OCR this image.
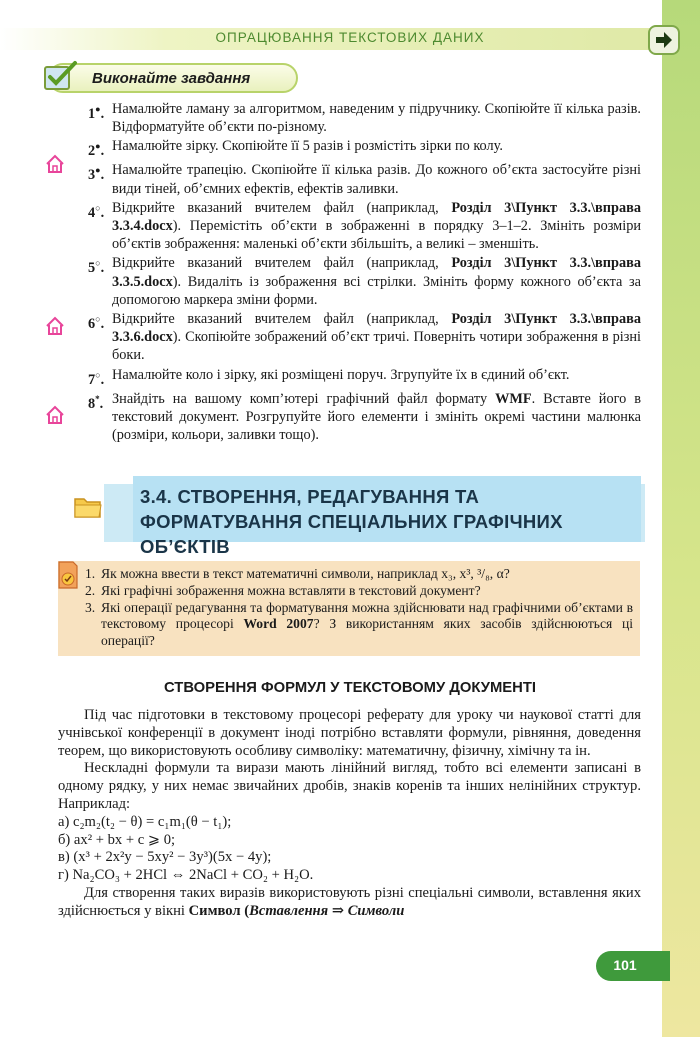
ОПРАЦЮВАННЯ ТЕКСТОВИХ ДАНИХ
Виконайте завдання
1●. Намалюйте ламану за алгоритмом, наведеним у підручнику. Скопіюйте її кілька разів. Відформатуйте об’єкти по-різному.
2●. Намалюйте зірку. Скопіюйте її 5 разів і розмістіть зірки по колу.
3●. Намалюйте трапецію. Скопіюйте її кілька разів. До кожного об’єкта застосуйте різні види тіней, об’ємних ефектів, ефектів заливки.
4○. Відкрийте вказаний вчителем файл (наприклад, Розділ 3\Пункт 3.3.\вправа 3.3.4.docx). Перемістіть об’єкти в зображенні в порядку 3–1–2. Змініть розміри об’єктів зображення: маленькі об’єкти збільшіть, а великі – зменшіть.
5○. Відкрийте вказаний вчителем файл (наприклад, Розділ 3\Пункт 3.3.\вправа 3.3.5.docx). Видаліть із зображення всі стрілки. Змініть форму кожного об’єкта за допомогою маркера зміни форми.
6○. Відкрийте вказаний вчителем файл (наприклад, Розділ 3\Пункт 3.3.\вправа 3.3.6.docx). Скопіюйте зображений об’єкт тричі. Поверніть чотири зображення в різні боки.
7○. Намалюйте коло і зірку, які розміщені поруч. Згрупуйте їх в єдиний об’єкт.
8*. Знайдіть на вашому комп’ютері графічний файл формату WMF. Вставте його в текстовий документ. Розгрупуйте його елементи і змініть окремі частини малюнка (розміри, кольори, заливки тощо).
3.4. СТВОРЕННЯ, РЕДАГУВАННЯ ТА ФОРМАТУВАННЯ СПЕЦІАЛЬНИХ ГРАФІЧНИХ ОБ’ЄКТІВ
1. Як можна ввести в текст математичні символи, наприклад x₃, x³, ³/₈, α?
2. Які графічні зображення можна вставляти в текстовий документ?
3. Які операції редагування та форматування можна здійснювати над графічними об’єктами в текстовому процесорі Word 2007? З використанням яких засобів здійснюються ці операції?
СТВОРЕННЯ ФОРМУЛ У ТЕКСТОВОМУ ДОКУМЕНТІ

Під час підготовки в текстовому процесорі реферату для уроку чи наукової статті для учнівської конференції в документ іноді потрібно вставляти формули, рівняння, доведення теорем, що використовують особливу символіку: математичну, фізичну, хімічну та ін.

Нескладні формули та вирази мають лінійний вигляд, тобто всі елементи записані в одному рядку, у них немає звичайних дробів, знаків коренів та інших нелінійних структур. Наприклад:

а) c₂m₂(t₂ − θ) = c₁m₁(θ − t₁);

б) ax² + bx + c ⩾ 0;

в) (x³ + 2x²y − 5xy² − 3y³)(5x − 4y);

г) Na₂CO₃ + 2HCl ⇔ 2NaCl + CO₂ + H₂O.

Для створення таких виразів використовують різні спеціальні символи, вставлення яких здійснюється у вікні Символ (Вставлення ⇒ Символи

101
